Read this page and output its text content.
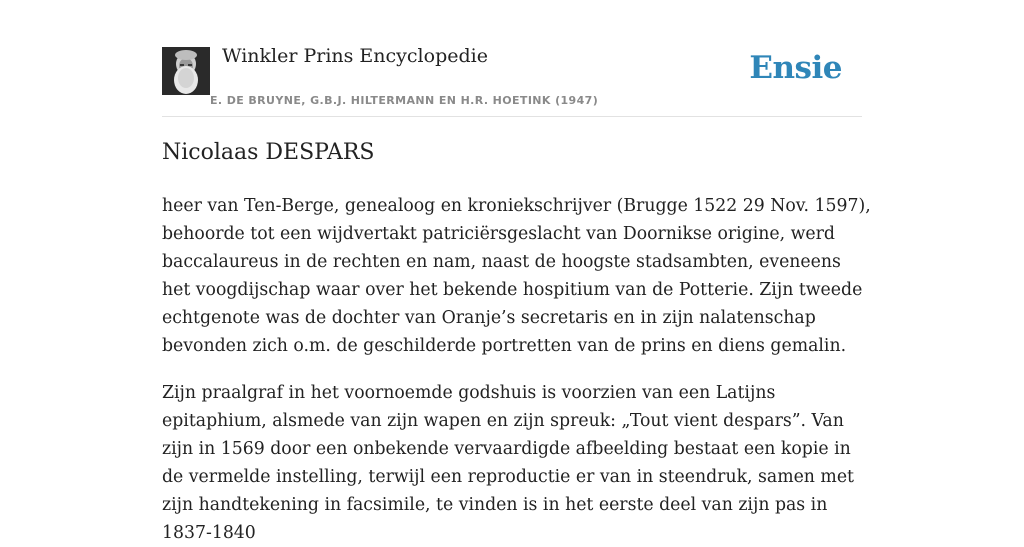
Winkler Prins Encyclopedie
E. DE BRUYNE, G.B.J. HILTERMANN EN H.R. HOETINK (1947)
Ensie
Nicolaas DESPARS

heer van Ten-Berge, genealoog en kroniekschrijver (Brugge 1522 29 Nov. 1597), behoorde tot een wijdvertakt patriciërsgeslacht van Doornikse origine, werd baccalaureus in de rechten en nam, naast de hoogste stadsambten, eveneens het voogdijschap waar over het bekende hospitium van de Potterie. Zijn tweede echtgenote was de dochter van Oranje’s secretaris en in zijn nalatenschap bevonden zich o.m. de geschilderde portretten van de prins en diens gemalin.

Zijn praalgraf in het voornoemde godshuis is voorzien van een Latijns epitaphium, alsmede van zijn wapen en zijn spreuk: „Tout vient despars”. Van zijn in 1569 door een onbekende vervaardigde afbeelding bestaat een kopie in de vermelde instelling, terwijl een reproductie er van in steendruk, samen met zijn handtekening in facsimile, te vinden is in het eerste deel van zijn pas in 1837-1840
